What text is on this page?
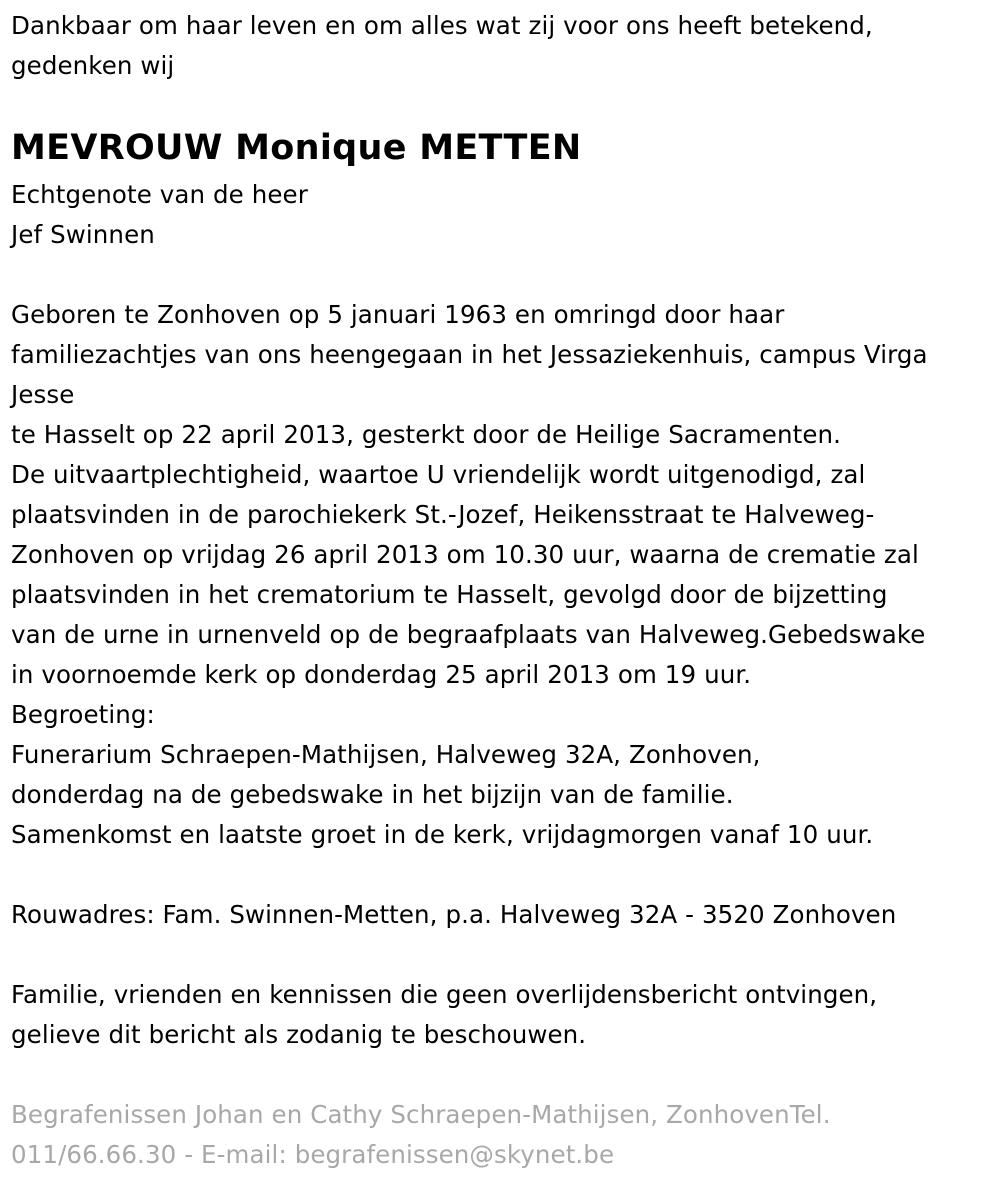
Dankbaar om haar leven en om alles wat zij voor ons heeft betekend,
gedenken wij
MEVROUW Monique METTEN
Echtgenote van de heer
Jef Swinnen
Geboren te Zonhoven op 5 januari 1963 en omringd door haar
familiezachtjes van ons heengegaan in het Jessaziekenhuis, campus Virga
Jesse
te Hasselt op 22 april 2013, gesterkt door de Heilige Sacramenten.
De uitvaartplechtigheid, waartoe U vriendelijk wordt uitgenodigd, zal
plaatsvinden in de parochiekerk St.-Jozef, Heikensstraat te Halveweg-
Zonhoven op vrijdag 26 april 2013 om 10.30 uur, waarna de crematie zal
plaatsvinden in het crematorium te Hasselt, gevolgd door de bijzetting
van de urne in urnenveld op de begraafplaats van Halveweg.Gebedswake
in voornoemde kerk op donderdag 25 april 2013 om 19 uur.
Begroeting:
Funerarium Schraepen-Mathijsen, Halveweg 32A, Zonhoven,
donderdag na de gebedswake in het bijzijn van de familie.
Samenkomst en laatste groet in de kerk, vrijdagmorgen vanaf 10 uur.
Rouwadres: Fam. Swinnen-Metten, p.a. Halveweg 32A - 3520 Zonhoven
Familie, vrienden en kennissen die geen overlijdensbericht ontvingen,
gelieve dit bericht als zodanig te beschouwen.
Begrafenissen Johan en Cathy Schraepen-Mathijsen, ZonhovenTel.
011/66.66.30 - E-mail: begrafenissen@skynet.be
